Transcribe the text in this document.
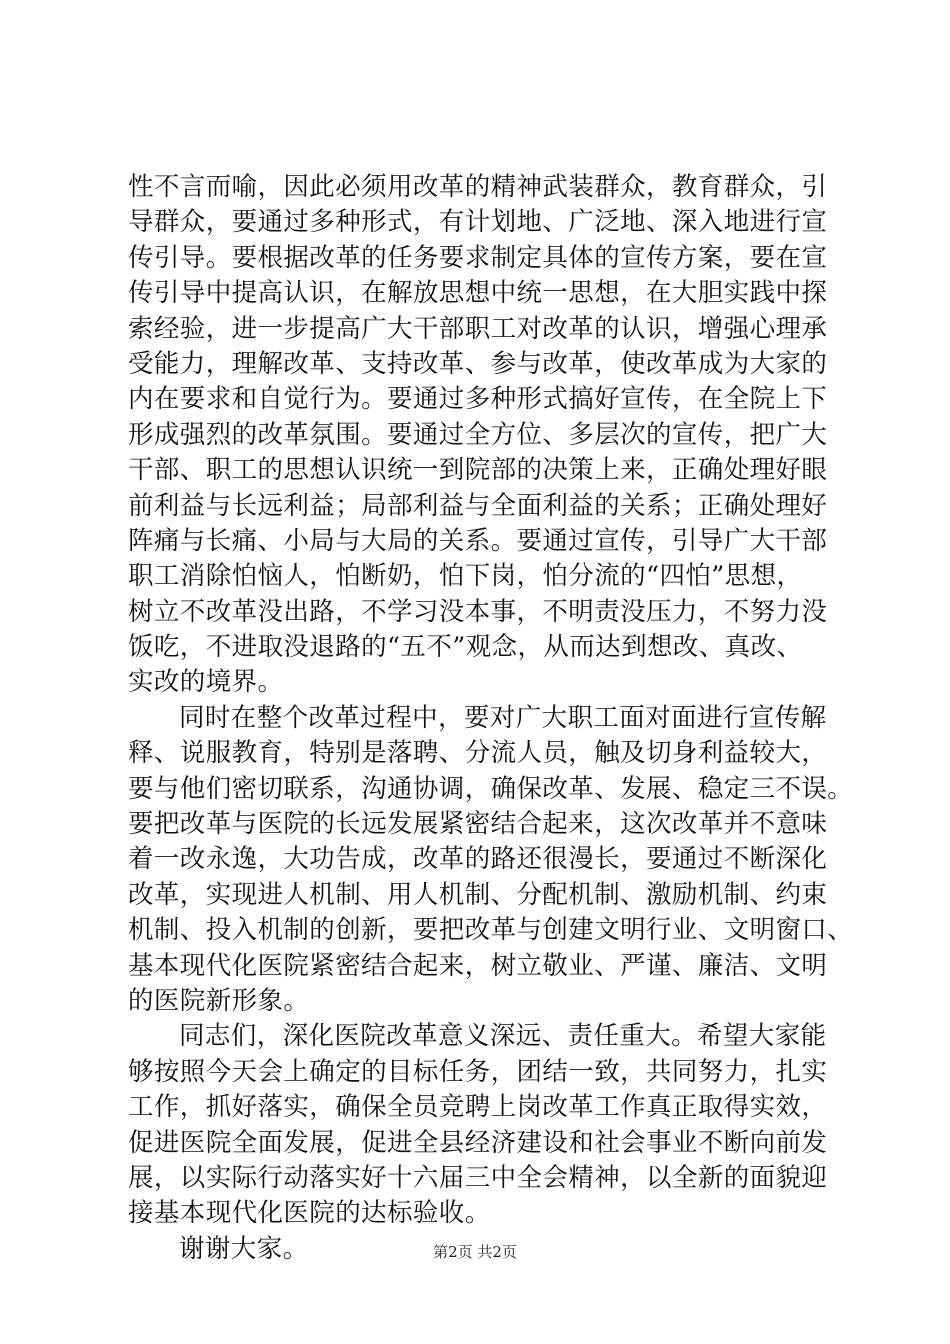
性不言而喻，因此必须用改革的精神武装群众，教育群众，引
导群众，要通过多种形式，有计划地、广泛地、深入地进行宣
传引导。要根据改革的任务要求制定具体的宣传方案，要在宣
传引导中提高认识，在解放思想中统一思想，在大胆实践中探
索经验，进一步提高广大干部职工对改革的认识，增强心理承
受能力，理解改革、支持改革、参与改革，使改革成为大家的
内在要求和自觉行为。要通过多种形式搞好宣传，在全院上下
形成强烈的改革氛围。要通过全方位、多层次的宣传，把广大
干部、职工的思想认识统一到院部的决策上来，正确处理好眼
前利益与长远利益；局部利益与全面利益的关系；正确处理好
阵痛与长痛、小局与大局的关系。要通过宣传，引导广大干部
职工消除怕恼人，怕断奶，怕下岗，怕分流的“四怕”思想，
树立不改革没出路，不学习没本事，不明责没压力，不努力没
饭吃，不进取没退路的“五不”观念，从而达到想改、真改、
实改的境界。
同时在整个改革过程中，要对广大职工面对面进行宣传解
释、说服教育，特别是落聘、分流人员，触及切身利益较大，
要与他们密切联系，沟通协调，确保改革、发展、稳定三不误。
要把改革与医院的长远发展紧密结合起来，这次改革并不意味
着一改永逸，大功告成，改革的路还很漫长，要通过不断深化
改革，实现进人机制、用人机制、分配机制、激励机制、约束
机制、投入机制的创新，要把改革与创建文明行业、文明窗口、
基本现代化医院紧密结合起来，树立敬业、严谨、廉洁、文明
的医院新形象。
同志们，深化医院改革意义深远、责任重大。希望大家能
够按照今天会上确定的目标任务，团结一致，共同努力，扎实
工作，抓好落实，确保全员竞聘上岗改革工作真正取得实效，
促进医院全面发展，促进全县经济建设和社会事业不断向前发
展，以实际行动落实好十六届三中全会精神，以全新的面貌迎
接基本现代化医院的达标验收。
谢谢大家。	第2页 共2页
